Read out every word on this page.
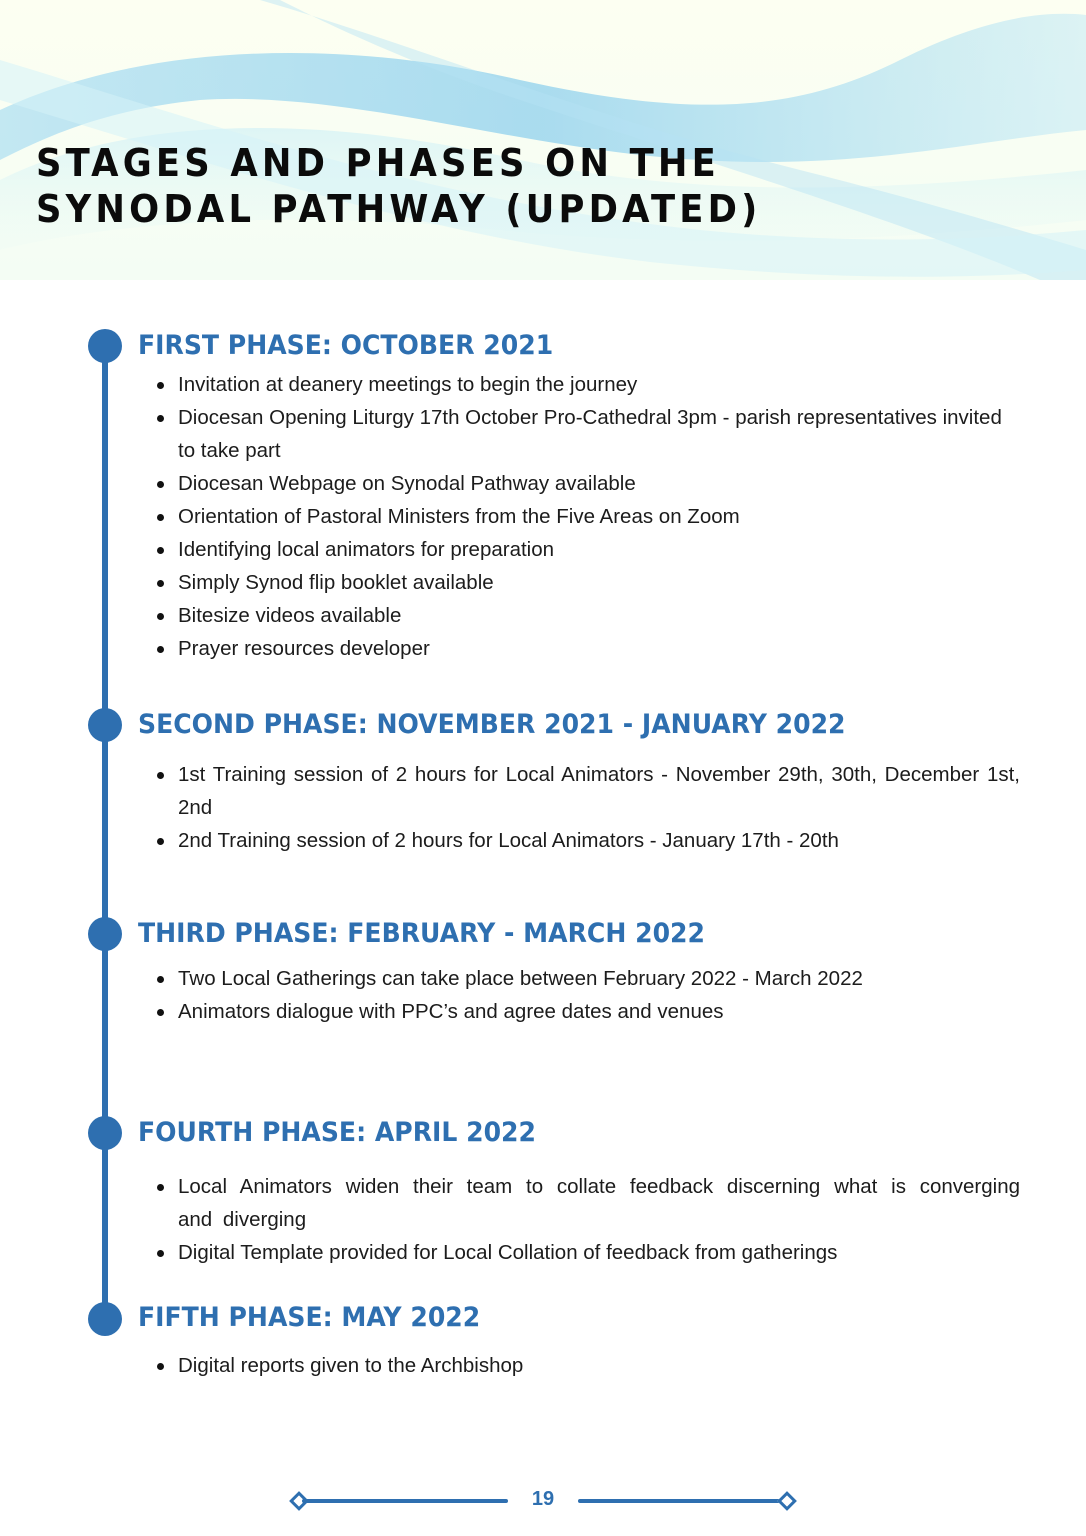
STAGES AND PHASES ON THE
SYNODAL PATHWAY (UPDATED)
FIRST PHASE: OCTOBER 2021
Invitation at deanery meetings to begin the journey
Diocesan Opening Liturgy 17th October Pro-Cathedral 3pm - parish representatives invited to take part
Diocesan Webpage on Synodal Pathway available
Orientation of Pastoral Ministers from the Five Areas on Zoom
Identifying local animators for preparation
Simply Synod flip booklet available
Bitesize videos available
Prayer resources developer
SECOND PHASE: NOVEMBER 2021 - JANUARY 2022
1st Training session of 2 hours for Local Animators - November 29th, 30th, December 1st, 2nd
2nd Training session of 2 hours for Local Animators - January 17th - 20th
THIRD PHASE: FEBRUARY - MARCH 2022
Two Local Gatherings can take place between February 2022 - March 2022
Animators dialogue with PPC’s and agree dates and venues
FOURTH PHASE: APRIL 2022
Local Animators widen their team to collate feedback discerning what is converging and diverging
Digital Template provided for Local Collation of feedback from gatherings
FIFTH PHASE: MAY 2022
Digital reports given to the Archbishop
19
